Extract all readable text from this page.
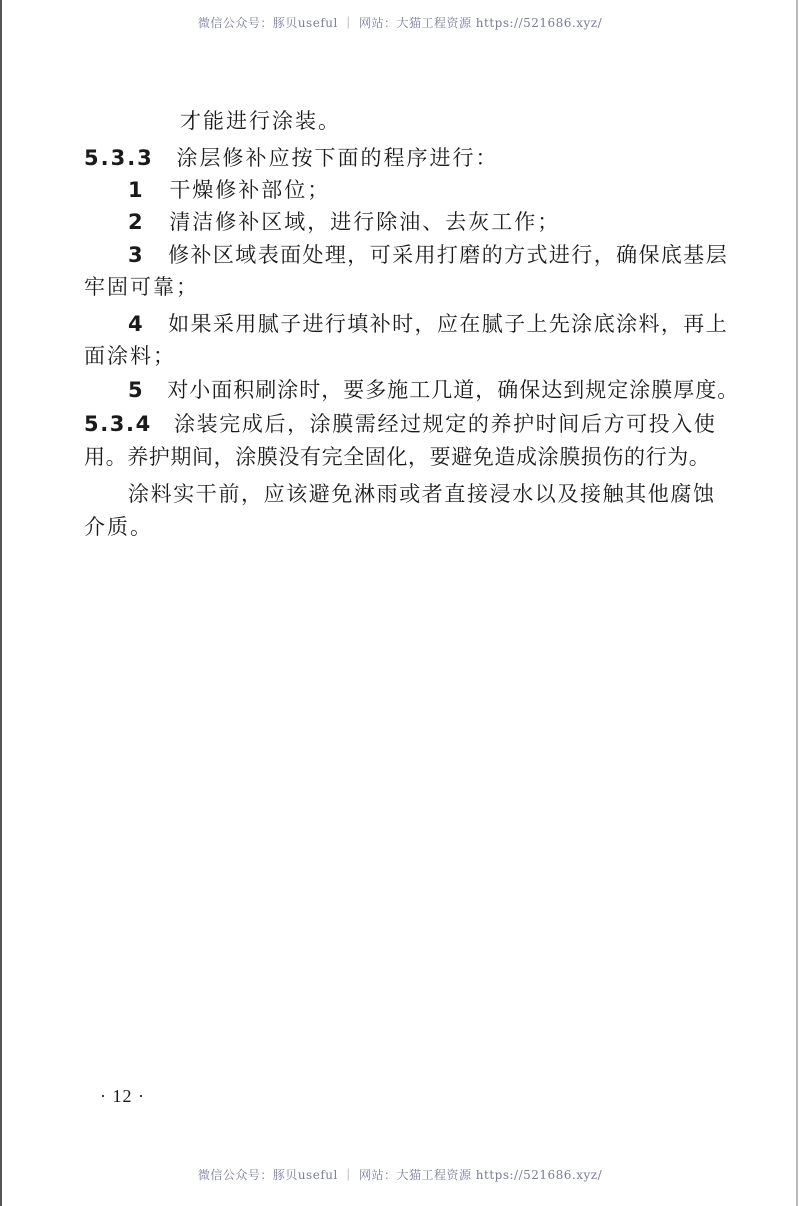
微信公众号：豚贝useful ｜ 网站：大猫工程资源 https://521686.xyz/
才能进行涂装。
5.3.3 涂层修补应按下面的程序进行：
1 干燥修补部位；
2 清洁修补区域，进行除油、去灰工作；
3 修补区域表面处理，可采用打磨的方式进行，确保底基层
牢固可靠；
4 如果采用腻子进行填补时，应在腻子上先涂底涂料，再上
面涂料；
5 对小面积刷涂时，要多施工几道，确保达到规定涂膜厚度。
5.3.4 涂装完成后，涂膜需经过规定的养护时间后方可投入使
用。养护期间，涂膜没有完全固化，要避免造成涂膜损伤的行为。
涂料实干前，应该避免淋雨或者直接浸水以及接触其他腐蚀
介质。
· 12 ·
微信公众号：豚贝useful ｜ 网站：大猫工程资源 https://521686.xyz/
